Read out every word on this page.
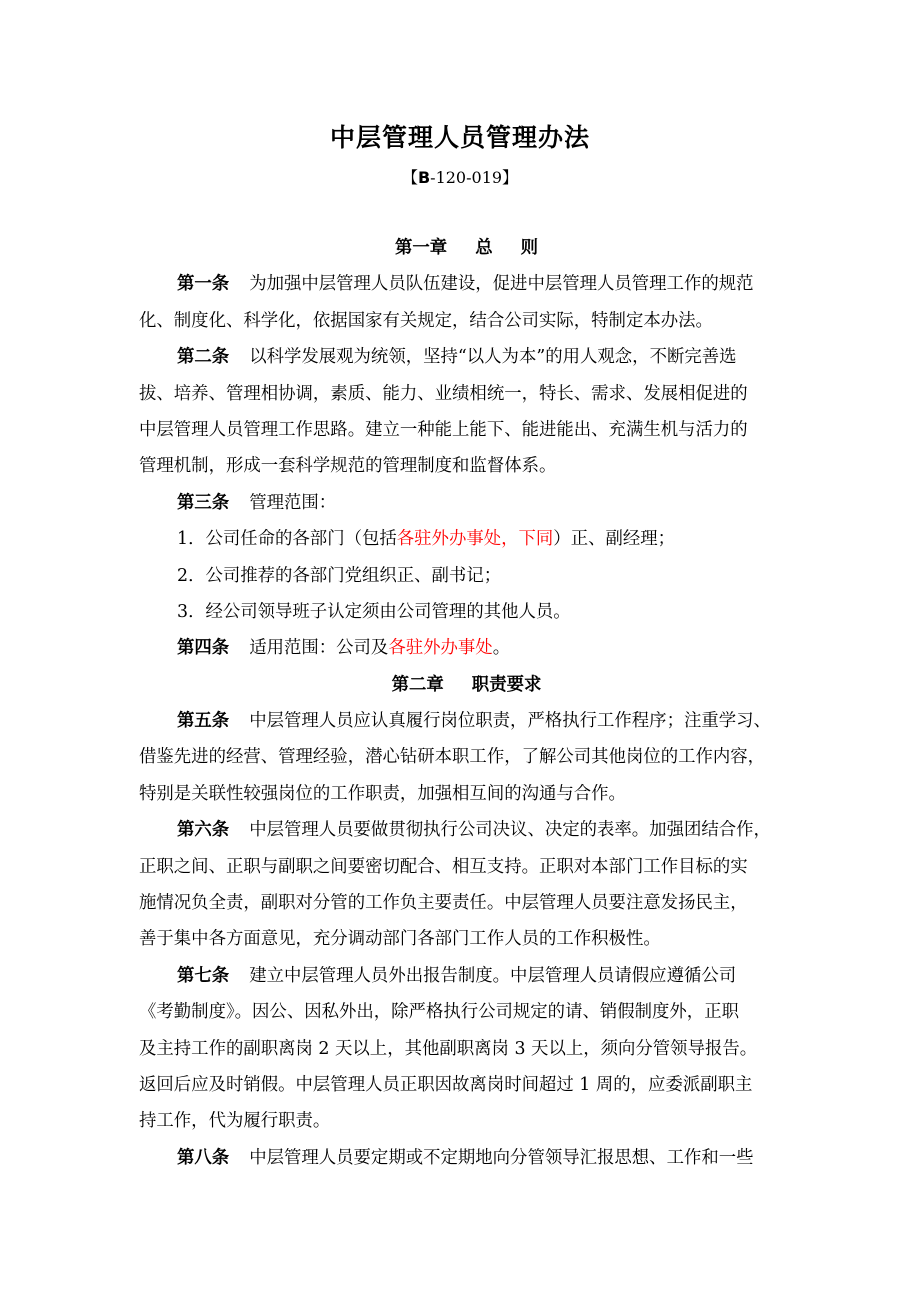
中层管理人员管理办法
【B-120-019】
第一章 总 则
第一条 为加强中层管理人员队伍建设，促进中层管理人员管理工作的规范
化、制度化、科学化，依据国家有关规定，结合公司实际，特制定本办法。
第二条 以科学发展观为统领，坚持“以人为本”的用人观念，不断完善选
拔、培养、管理相协调，素质、能力、业绩相统一，特长、需求、发展相促进的
中层管理人员管理工作思路。建立一种能上能下、能进能出、充满生机与活力的
管理机制，形成一套科学规范的管理制度和监督体系。
第三条 管理范围：
1．公司任命的各部门（包括各驻外办事处，下同）正、副经理；
2．公司推荐的各部门党组织正、副书记；
3．经公司领导班子认定须由公司管理的其他人员。
第四条 适用范围：公司及各驻外办事处。
第二章 职责要求
第五条 中层管理人员应认真履行岗位职责，严格执行工作程序；注重学习、
借鉴先进的经营、管理经验，潜心钻研本职工作，了解公司其他岗位的工作内容，
特别是关联性较强岗位的工作职责，加强相互间的沟通与合作。
第六条 中层管理人员要做贯彻执行公司决议、决定的表率。加强团结合作，
正职之间、正职与副职之间要密切配合、相互支持。正职对本部门工作目标的实
施情况负全责，副职对分管的工作负主要责任。中层管理人员要注意发扬民主，
善于集中各方面意见，充分调动部门各部门工作人员的工作积极性。
第七条 建立中层管理人员外出报告制度。中层管理人员请假应遵循公司
《考勤制度》。因公、因私外出，除严格执行公司规定的请、销假制度外，正职
及主持工作的副职离岗 2 天以上，其他副职离岗 3 天以上，须向分管领导报告。
返回后应及时销假。中层管理人员正职因故离岗时间超过 1 周的，应委派副职主
持工作，代为履行职责。
第八条 中层管理人员要定期或不定期地向分管领导汇报思想、工作和一些
